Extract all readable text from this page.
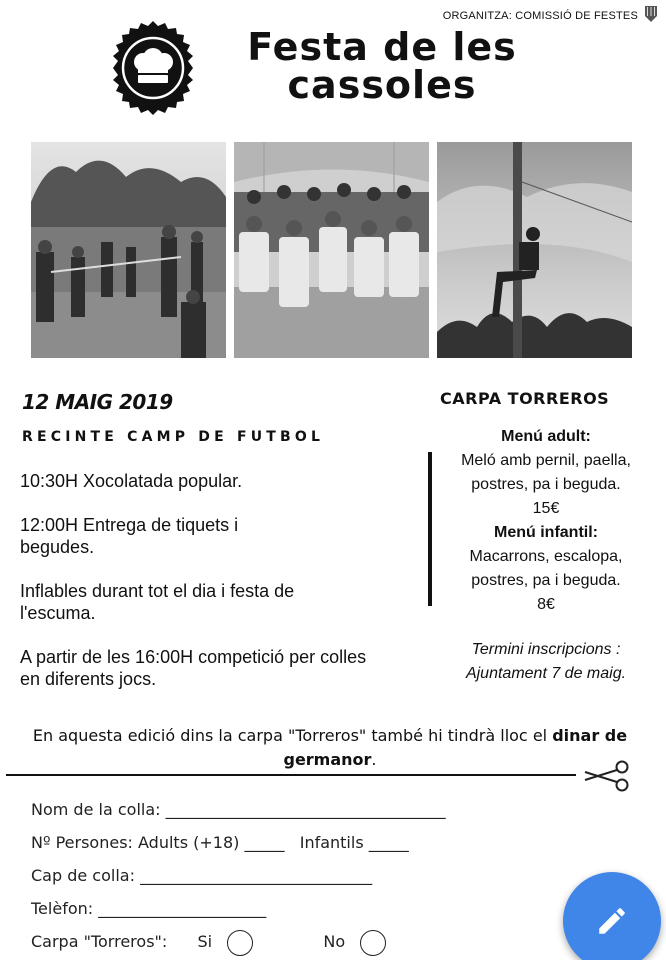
ORGANITZA: COMISSIÓ DE FESTES
Festa de les
cassoles
12 MAIG 2019
RECINTE CAMP DE FUTBOL

10:30H Xocolatada popular.

12:00H Entrega de tiquets i begudes.

Inflables durant tot el dia i festa de l'escuma.

A partir de les 16:00H competició per colles en diferents jocs.

CARPA TORREROS
Menú adult:
Meló amb pernil, paella, postres, pa i beguda.
15€
Menú infantil:
Macarrons, escalopa, postres, pa i beguda.
8€
Termini inscripcions :
Ajuntament 7 de maig.
En aquesta edició dins la carpa "Torreros" també hi tindrà lloc el dinar de germanor.
Nom de la colla: ___________________________________
Nº Persones: Adults (+18) _____ Infantils _____
Cap de colla: _____________________________
Telèfon: _____________________
Carpa "Torreros": Si	No
